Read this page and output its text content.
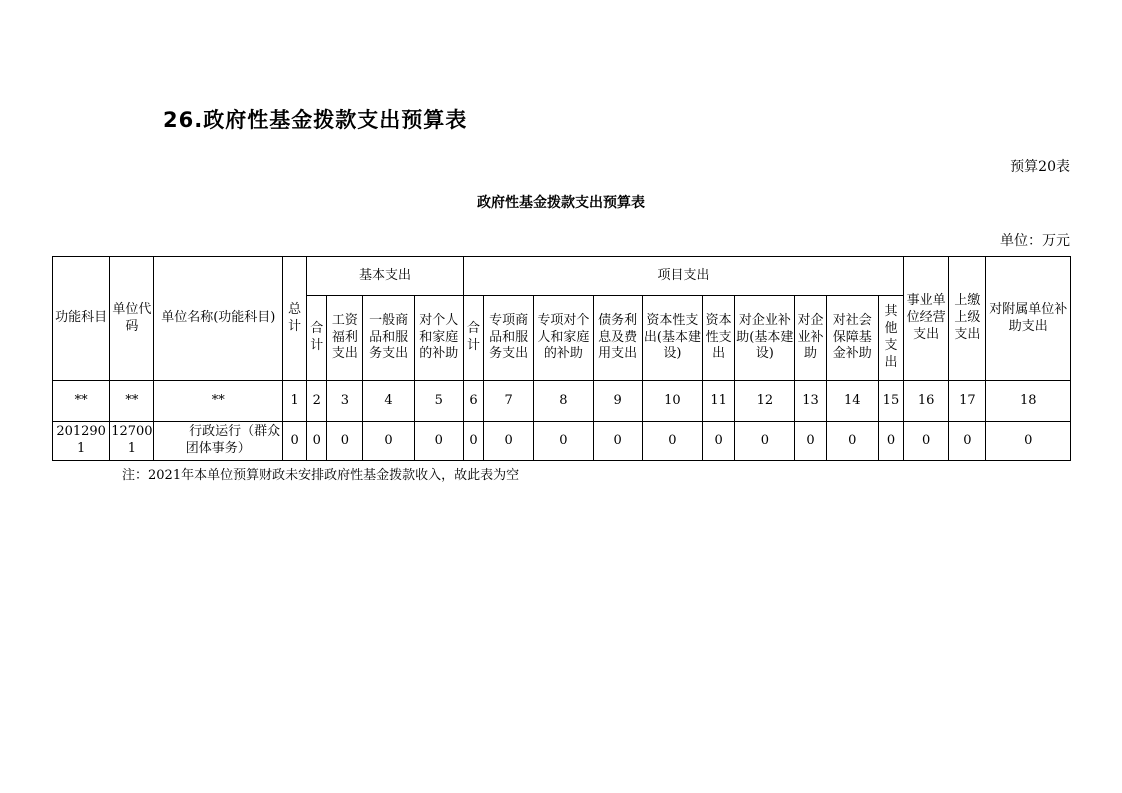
26.政府性基金拨款支出预算表
预算20表
政府性基金拨款支出预算表
单位：万元
功能科目	单位代码	单位名称(功能科目)	总计	基本支出				项目支出										事业单位经营支出	上缴上级支出	对附属单位补助支出
				合计	工资福利支出	一般商品和服务支出	对个人和家庭的补助	合计	专项商品和服务支出	专项对个人和家庭的补助	债务利息及费用支出	资本性支出(基本建设)	资本性支出	对企业补助(基本建设)	对企业补助	对社会保障基金补助	其他支出			
**	**	**	1	2	3	4	5	6	7	8	9	10	11	12	13	14	15	16	17	18
2012901	127001	行政运行（群众
团体事务）	0	0	0	0	0	0	0	0	0	0	0	0	0	0	0	0	0	0
注：2021年本单位预算财政未安排政府性基金拨款收入，故此表为空
